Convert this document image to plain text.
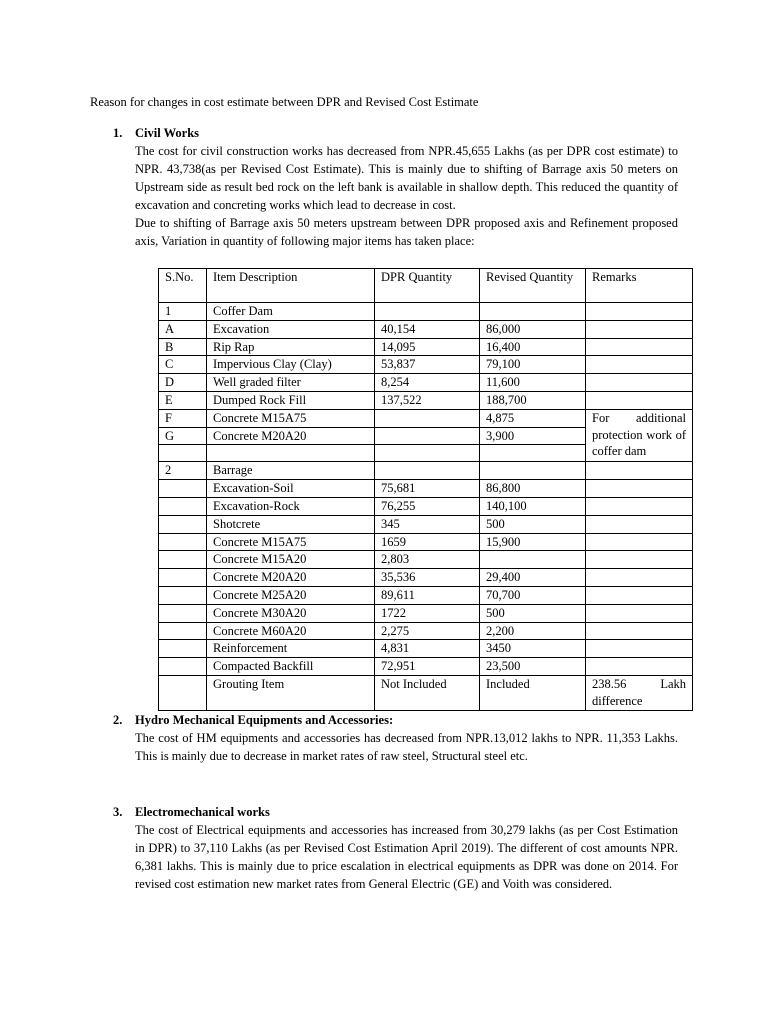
Reason for changes in cost estimate between DPR and Revised Cost Estimate
1. Civil Works

The cost for civil construction works has decreased from NPR.45,655 Lakhs (as per DPR cost estimate) to NPR. 43,738(as per Revised Cost Estimate). This is mainly due to shifting of Barrage axis 50 meters on Upstream side as result bed rock on the left bank is available in shallow depth. This reduced the quantity of excavation and concreting works which lead to decrease in cost.

Due to shifting of Barrage axis 50 meters upstream between DPR proposed axis and Refinement proposed axis, Variation in quantity of following major items has taken place:

S.No.	Item Description	DPR Quantity	Revised Quantity	Remarks
1	Coffer Dam			
A	Excavation	40,154	86,000	
B	Rip Rap	14,095	16,400	
C	Impervious Clay (Clay)	53,837	79,100	
D	Well graded filter	8,254	11,600	
E	Dumped Rock Fill	137,522	188,700	
F	Concrete M15A75		4,875	For additional protection work of coffer dam
G	Concrete M20A20		3,900	

2	Barrage			
	Excavation-Soil	75,681	86,800	
	Excavation-Rock	76,255	140,100	
	Shotcrete	345	500	
	Concrete M15A75	1659	15,900	
	Concrete M15A20	2,803		
	Concrete M20A20	35,536	29,400	
	Concrete M25A20	89,611	70,700	
	Concrete M30A20	1722	500	
	Concrete M60A20	2,275	2,200	
	Reinforcement	4,831	3450	
	Compacted Backfill	72,951	23,500	
	Grouting Item	Not Included	Included	238.56 Lakh difference
2. Hydro Mechanical Equipments and Accessories:

The cost of HM equipments and accessories has decreased from NPR.13,012 lakhs to NPR. 11,353 Lakhs. This is mainly due to decrease in market rates of raw steel, Structural steel etc.

3. Electromechanical works

The cost of Electrical equipments and accessories has increased from 30,279 lakhs (as per Cost Estimation in DPR) to 37,110 Lakhs (as per Revised Cost Estimation April 2019). The different of cost amounts NPR. 6,381 lakhs. This is mainly due to price escalation in electrical equipments as DPR was done on 2014. For revised cost estimation new market rates from General Electric (GE) and Voith was considered.
